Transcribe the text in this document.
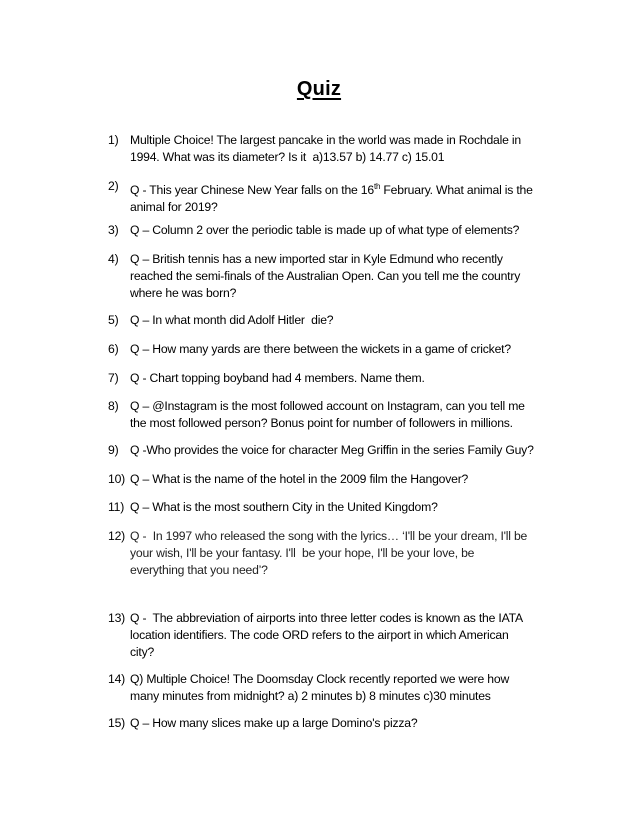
Quiz
1) Multiple Choice! The largest pancake in the world was made in Rochdale in
1994. What was its diameter? Is it  a)13.57 b) 14.77 c) 15.01
2) Q - This year Chinese New Year falls on the 16th February. What animal is the
animal for 2019?
3) Q – Column 2 over the periodic table is made up of what type of elements?
4) Q – British tennis has a new imported star in Kyle Edmund who recently
reached the semi-finals of the Australian Open. Can you tell me the country
where he was born?
5) Q – In what month did Adolf Hitler  die?
6) Q – How many yards are there between the wickets in a game of cricket?
7) Q - Chart topping boyband had 4 members. Name them.
8) Q – @Instagram is the most followed account on Instagram, can you tell me
the most followed person? Bonus point for number of followers in millions.
9) Q -Who provides the voice for character Meg Griffin in the series Family Guy?
10) Q – What is the name of the hotel in the 2009 film the Hangover?
11) Q – What is the most southern City in the United Kingdom?
12) Q -  In 1997 who released the song with the lyrics… ‘I'll be your dream, I'll be
your wish, I'll be your fantasy. I'll  be your hope, I'll be your love, be
everything that you need’?
13) Q -  The abbreviation of airports into three letter codes is known as the IATA
location identifiers. The code ORD refers to the airport in which American
city?
14) Q) Multiple Choice! The Doomsday Clock recently reported we were how
many minutes from midnight? a) 2 minutes b) 8 minutes c)30 minutes
15) Q – How many slices make up a large Domino's pizza?
